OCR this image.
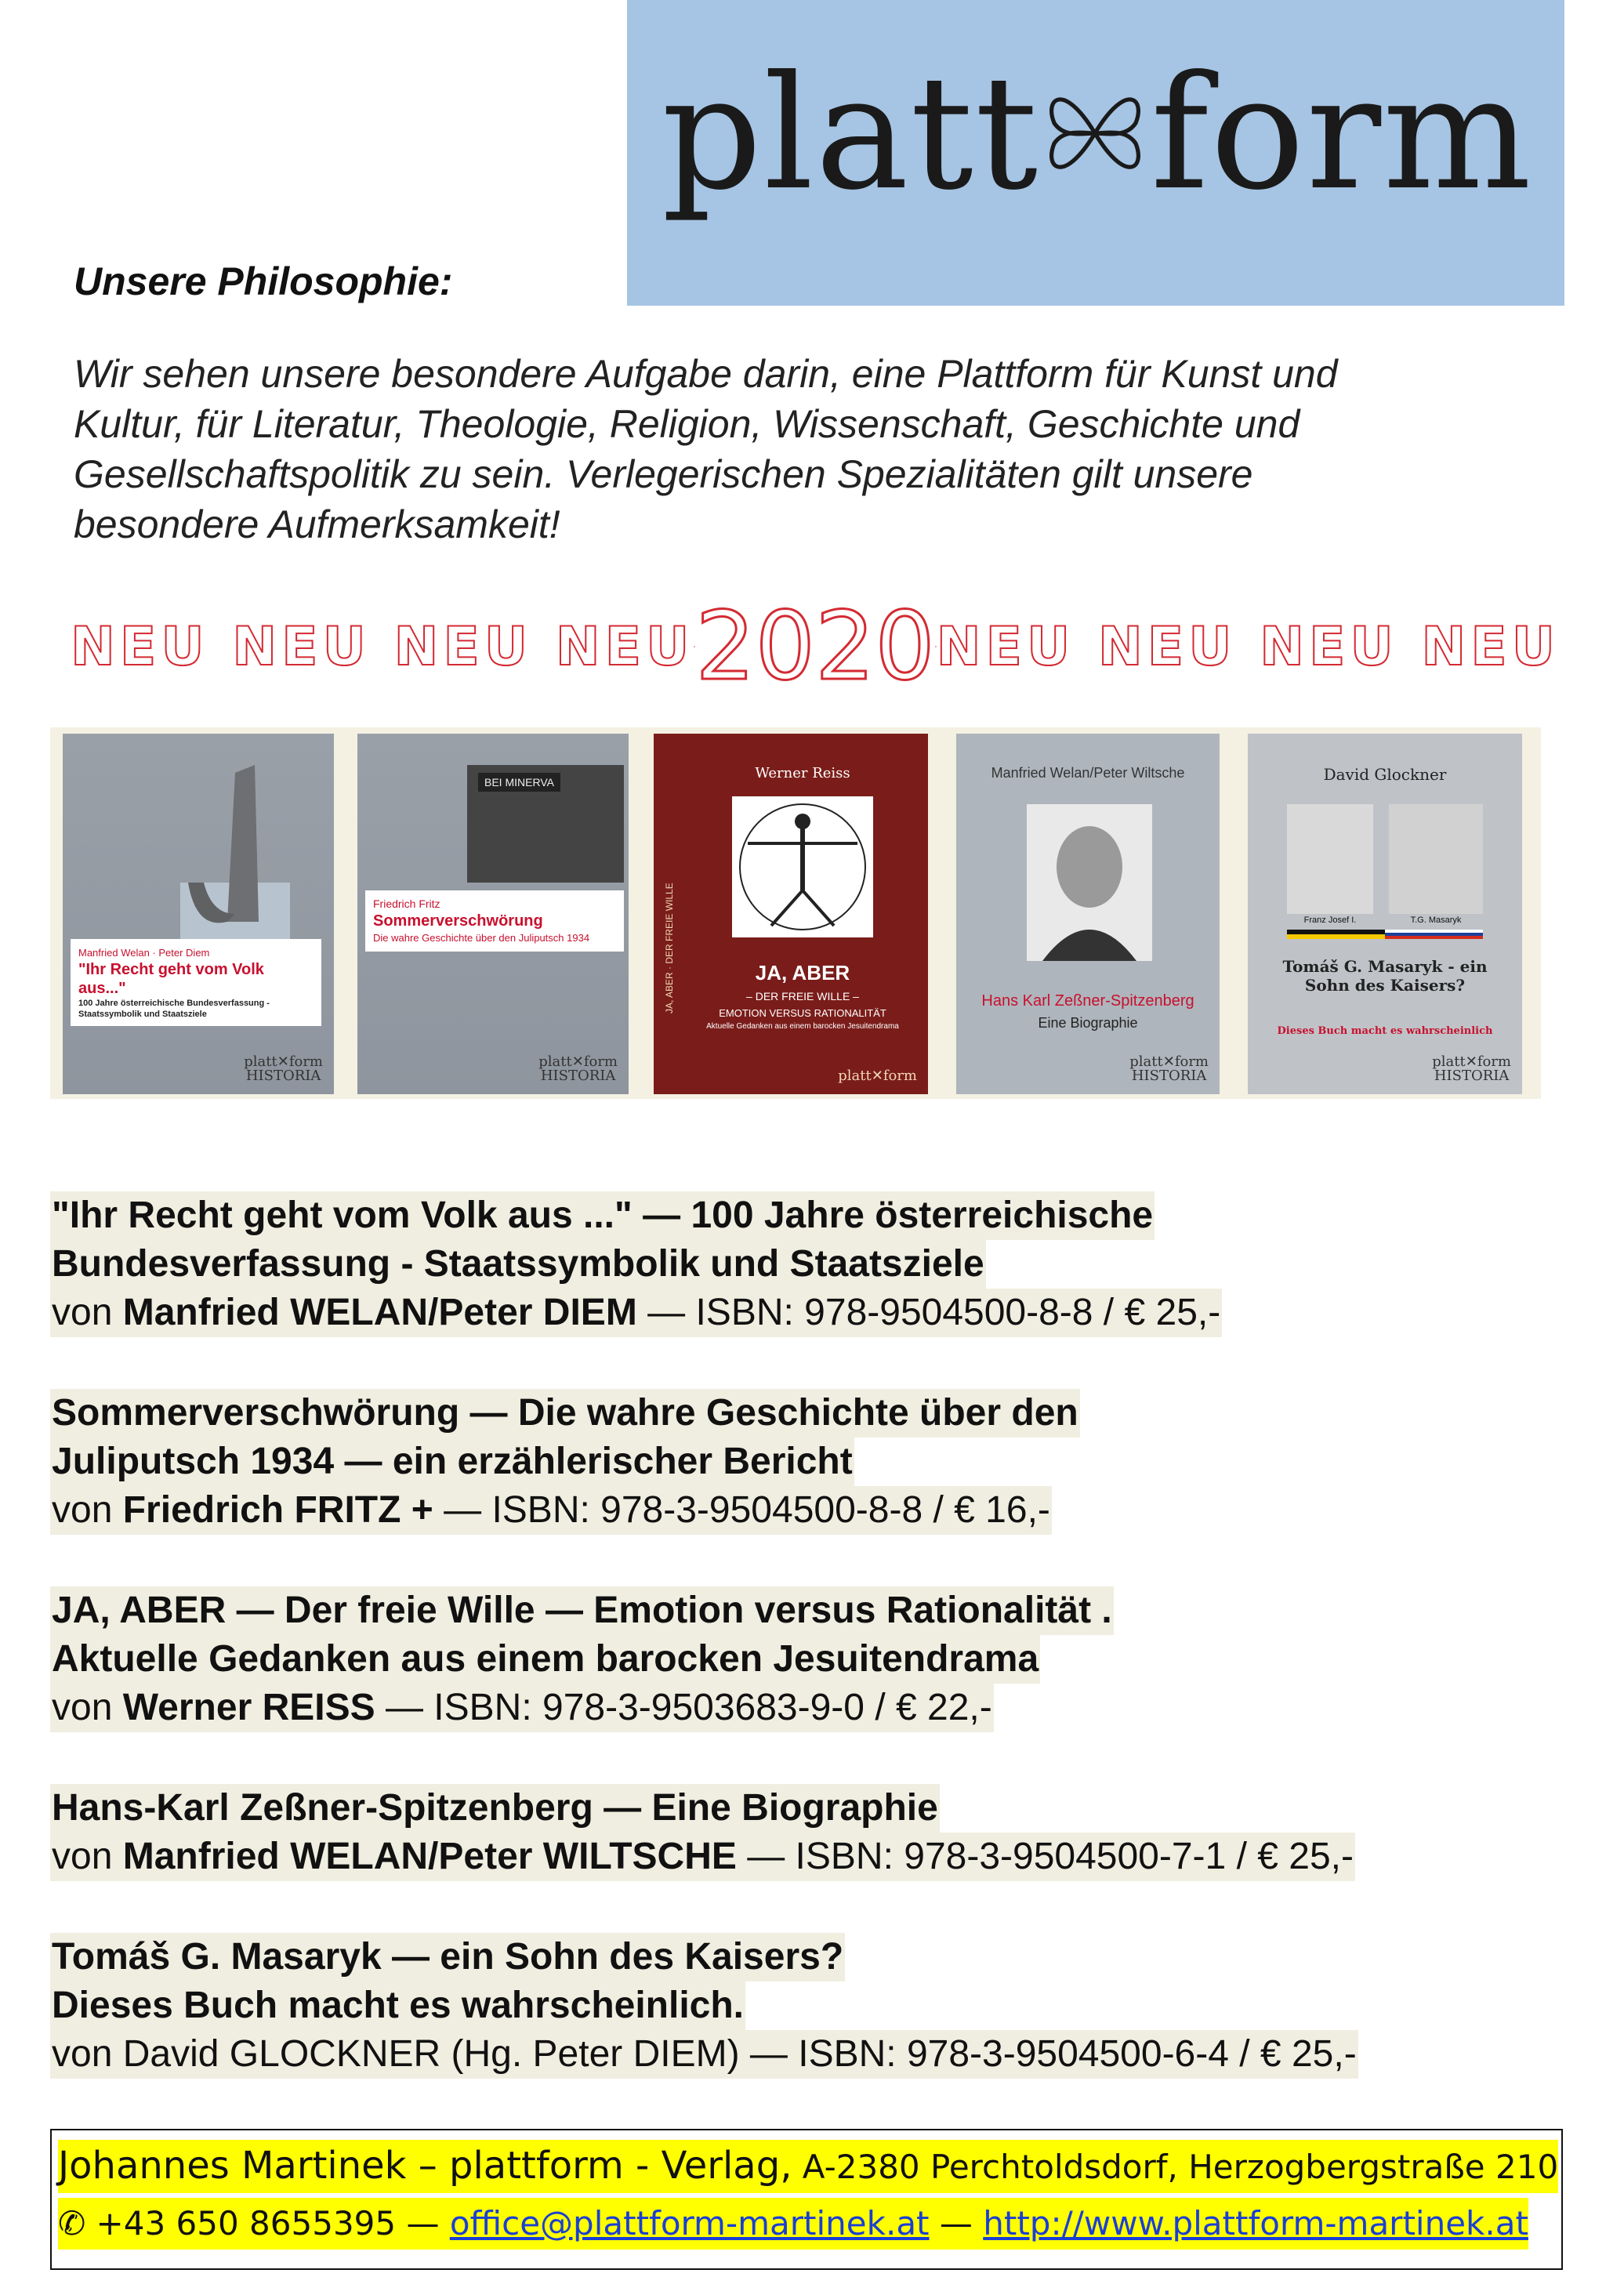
platt form
Unsere Philosophie:
Wir sehen unsere besondere Aufgabe darin, eine Plattform für Kunst und
Kultur, für Literatur, Theologie, Religion, Wissenschaft, Geschichte und
Gesellschaftspolitik zu sein. Verlegerischen Spezialitäten gilt unsere
besondere Aufmerksamkeit!
NEU NEU NEU NEU 2020 NEU NEU NEU NEU
Manfried Welan · Peter Diem
"Ihr Recht geht vom Volk aus..."
100 Jahre österreichische Bundesverfassung - Staatssymbolik und Staatsziele
platt✕form
HISTORIA
BEI MINERVA
Friedrich Fritz
Sommerverschwörung
Die wahre Geschichte über den Juliputsch 1934
platt✕form
HISTORIA
JA, ABER · DER FREIE WILLE
Werner Reiss
JA, ABER
– DER FREIE WILLE –
EMOTION VERSUS RATIONALITÄT
Aktuelle Gedanken aus einem barocken Jesuitendrama
platt✕form
Manfried Welan/Peter Wiltsche
Hans Karl Zeßner-Spitzenberg
Eine Biographie
platt✕form
HISTORIA
David Glockner
Franz Josef I.	T.G. Masaryk
Tomáš G. Masaryk - ein Sohn des Kaisers?
Dieses Buch macht es wahrscheinlich
platt✕form
HISTORIA
"Ihr Recht geht vom Volk aus ..." — 100 Jahre österreichische
Bundesverfassung - Staatssymbolik und Staatsziele
von Manfried WELAN/Peter DIEM — ISBN: 978-9504500-8-8 / € 25,-
Sommerverschwörung — Die wahre Geschichte über den
Juliputsch 1934 — ein erzählerischer Bericht
von Friedrich FRITZ + — ISBN: 978-3-9504500-8-8 / € 16,-
JA, ABER — Der freie Wille — Emotion versus Rationalität .
Aktuelle Gedanken aus einem barocken Jesuitendrama
von Werner REISS — ISBN: 978-3-9503683-9-0 / € 22,-
Hans-Karl Zeßner-Spitzenberg — Eine Biographie
von Manfried WELAN/Peter WILTSCHE — ISBN: 978-3-9504500-7-1 / € 25,-
Tomáš G. Masaryk — ein Sohn des Kaisers?
Dieses Buch macht es wahrscheinlich.
von David GLOCKNER (Hg. Peter DIEM) — ISBN: 978-3-9504500-6-4 / € 25,-
Johannes Martinek – plattform - Verlag, A-2380 Perchtoldsdorf, Herzogbergstraße 210
✆ +43 650 8655395 — office@plattform-martinek.at — http://www.plattform-martinek.at
